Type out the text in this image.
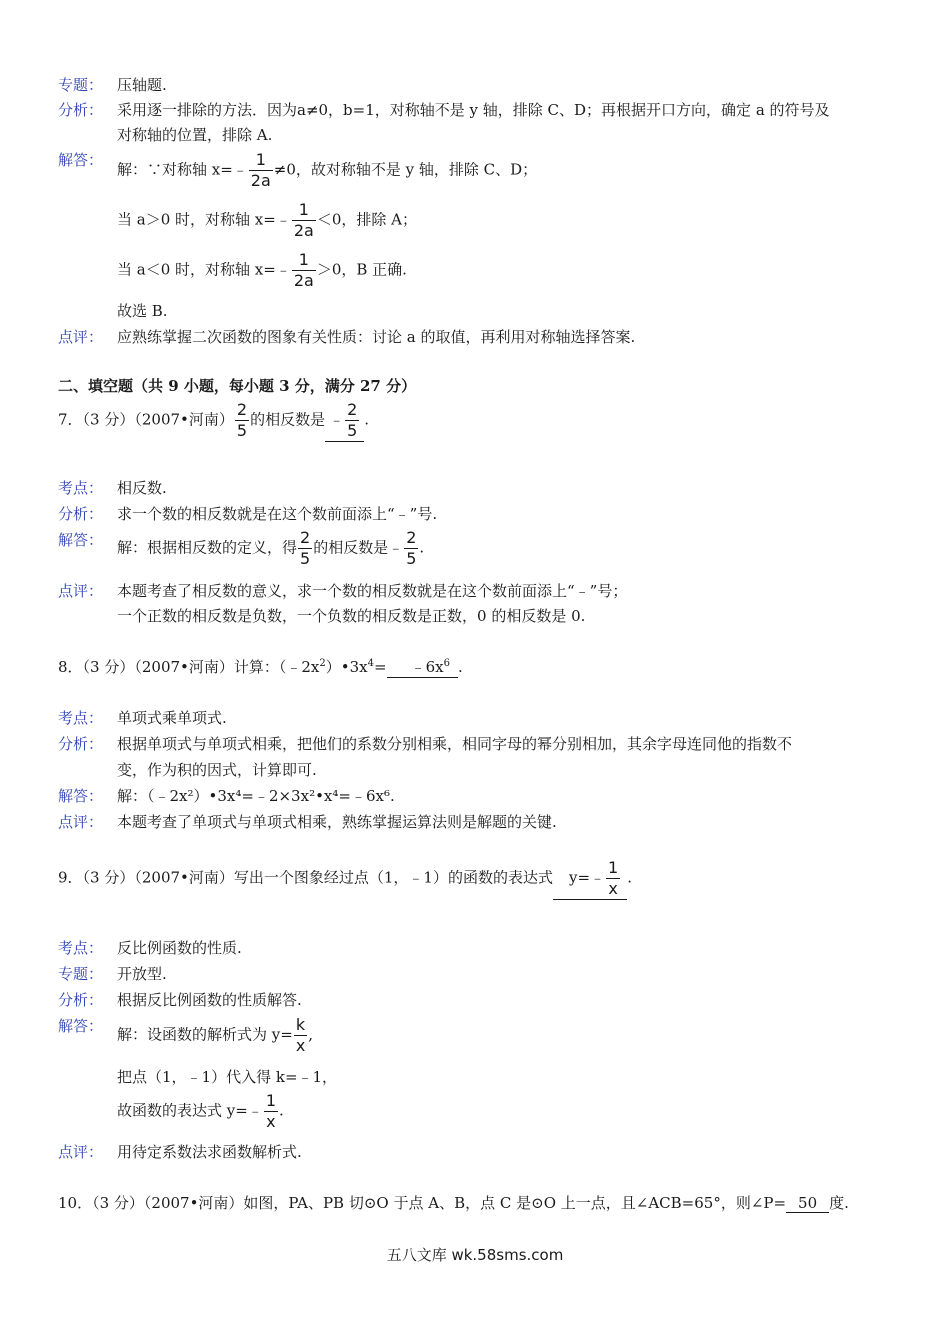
专题： 压轴题.
分析： 采用逐一排除的方法．因为a≠0，b=1，对称轴不是 y 轴，排除 C、D；再根据开口方向，确定 a 的符号及
对称轴的位置，排除 A.
解答：
解：∵对称轴 x=﹣ $\frac{1}{2a} \ne 0$，故对称轴不是 y 轴，排除 C、D；
当 a＞0 时，对称轴 x=﹣ $\frac{1}{2a} <0$，排除 A；
当 a＜0 时，对称轴 x=﹣ $\frac{1}{2a} >0$，B 正确.
故选 B.
点评： 应熟练掌握二次函数的图象有关性质：讨论 a 的取值，再利用对称轴选择答案.
二、填空题（共 9 小题，每小题 3 分，满分 27 分）
7．（3 分）（2007•河南） $\frac{2}{5}$ 的相反数是 ﹣ $\frac{2}{5}$ .
考点： 相反数.
分析： 求一个数的相反数就是在这个数前面添上“﹣”号.
解答： 解：根据相反数的定义，得 $\frac{2}{5}$ 的相反数是﹣ $\frac{2}{5}$ .
点评： 本题考查了相反数的意义，求一个数的相反数就是在这个数前面添上“﹣”号；
一个正数的相反数是负数，一个负数的相反数是正数，0 的相反数是 0.
8．（3 分）（2007•河南）计算：$(﹣2x^2)•3x^4=$ $﹣6x^6$ .
考点： 单项式乘单项式.
分析： 根据单项式与单项式相乘，把他们的系数分别相乘，相同字母的幂分别相加，其余字母连同他的指数不
变，作为积的因式，计算即可.
解答： 解：（﹣2x²）•3x⁴=﹣2×3x²•x⁴=﹣6x⁶.
点评： 本题考查了单项式与单项式相乘，熟练掌握运算法则是解题的关键.
9．（3 分）（2007•河南）写出一个图象经过点（1，﹣1）的函数的表达式 y=﹣ $\frac{1}{x}$ .
考点： 反比例函数的性质.
专题： 开放型.
分析： 根据反比例函数的性质解答.
解答： 解：设函数的解析式为 $y= \frac{k}{x}$ ,
把点（1，﹣1）代入得 k=﹣1，
故函数的表达式 y=﹣ $\frac{1}{x}$ .
点评： 用待定系数法求函数解析式.
10．（3 分）（2007•河南）如图，PA、PB 切⊙O 于点 A、B，点 C 是⊙O 上一点，且∠ACB=65°，则∠P= 50 度.
五八文库 wk.58sms.com
